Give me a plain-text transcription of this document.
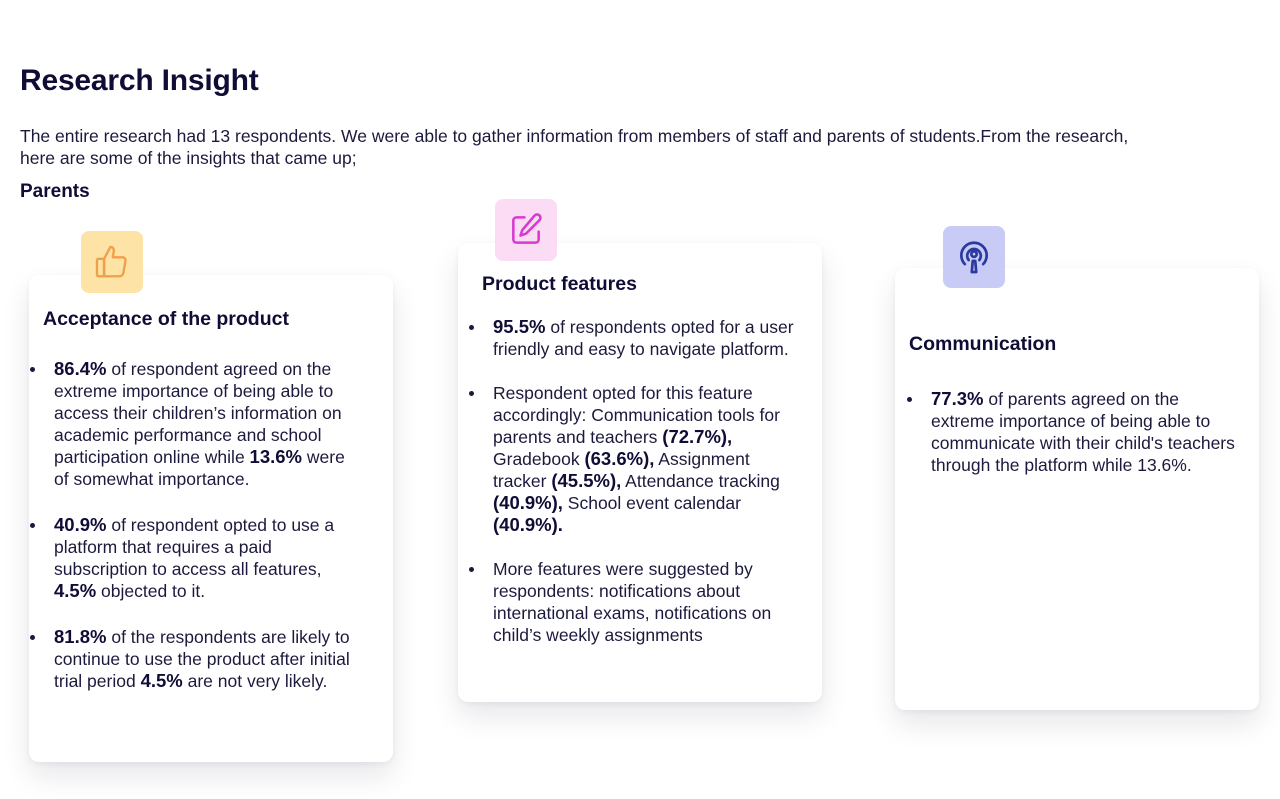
Research Insight

The entire research had 13 respondents. We were able to gather information from members of staff and parents of students.From the research, here are some of the insights that came up;

Parents
Acceptance of the product
86.4% of respondent agreed on the extreme importance of being able to access their children’s information on academic performance and school participation online while 13.6% were of somewhat importance.
40.9% of respondent opted to use a platform that requires a paid subscription to access all features, 4.5% objected to it.
81.8% of the respondents are likely to continue to use the product after initial trial period 4.5% are not very likely.
Product features
95.5% of respondents opted for a user friendly and easy to navigate platform.
Respondent opted for this feature accordingly: Communication tools for parents and teachers (72.7%), Gradebook (63.6%), Assignment tracker (45.5%), Attendance tracking (40.9%), School event calendar (40.9%).
More features were suggested by respondents: notifications about international exams, notifications on child’s weekly assignments
Communication
77.3% of parents agreed on the extreme importance of being able to communicate with their child's teachers through the platform while 13.6%.
